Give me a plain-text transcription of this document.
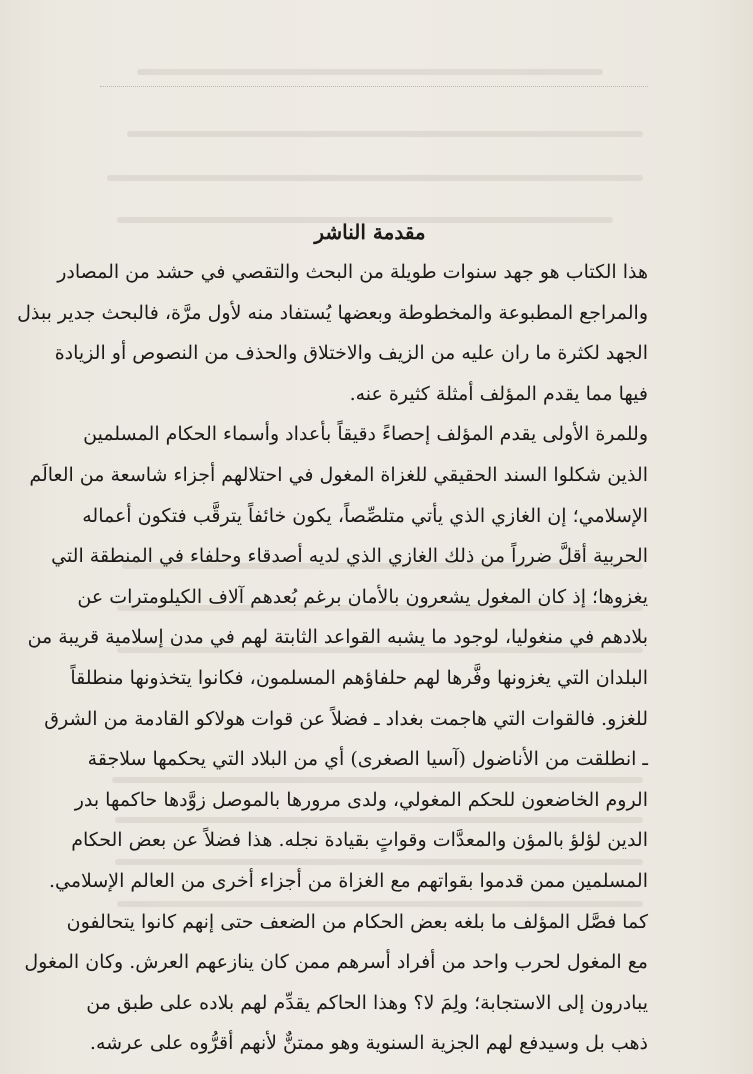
مقدمة الناشر
هذا الكتاب هو جهد سنوات طويلة من البحث والتقصي في حشد من المصادر
والمراجع المطبوعة والمخطوطة وبعضها يُستفاد منه لأول مرَّة، فالبحث جدير ببذل
الجهد لكثرة ما ران عليه من الزيف والاختلاق والحذف من النصوص أو الزيادة
فيها مما يقدم المؤلف أمثلة كثيرة عنه.
وللمرة الأولى يقدم المؤلف إحصاءً دقيقاً بأعداد وأسماء الحكام المسلمين
الذين شكلوا السند الحقيقي للغزاة المغول في احتلالهم أجزاء شاسعة من العالَم
الإسلامي؛ إن الغازي الذي يأتي متلصِّصاً، يكون خائفاً يترقَّب فتكون أعماله
الحربية أقلَّ ضرراً من ذلك الغازي الذي لديه أصدقاء وحلفاء في المنطقة التي
يغزوها؛ إذ كان المغول يشعرون بالأمان برغم بُعدهم آلاف الكيلومترات عن
بلادهم في منغوليا، لوجود ما يشبه القواعد الثابتة لهم في مدن إسلامية قريبة من
البلدان التي يغزونها وفَّرها لهم حلفاؤهم المسلمون، فكانوا يتخذونها منطلقاً
للغزو. فالقوات التي هاجمت بغداد ـ فضلاً عن قوات هولاكو القادمة من الشرق
ـ انطلقت من الأناضول (آسيا الصغرى) أي من البلاد التي يحكمها سلاجقة
الروم الخاضعون للحكم المغولي، ولدى مرورها بالموصل زوَّدها حاكمها بدر
الدين لؤلؤ بالمؤن والمعدَّات وقواتٍ بقيادة نجله. هذا فضلاً عن بعض الحكام
المسلمين ممن قدموا بقواتهم مع الغزاة من أجزاء أخرى من العالم الإسلامي.
كما فصَّل المؤلف ما بلغه بعض الحكام من الضعف حتى إنهم كانوا يتحالفون
مع المغول لحرب واحد من أفراد أسرهم ممن كان ينازعهم العرش. وكان المغول
يبادرون إلى الاستجابة؛ ولِمَ لا؟ وهذا الحاكم يقدِّم لهم بلاده على طبق من
ذهب بل وسيدفع لهم الجزية السنوية وهو ممتنٌّ لأنهم أقرُّوه على عرشه.
